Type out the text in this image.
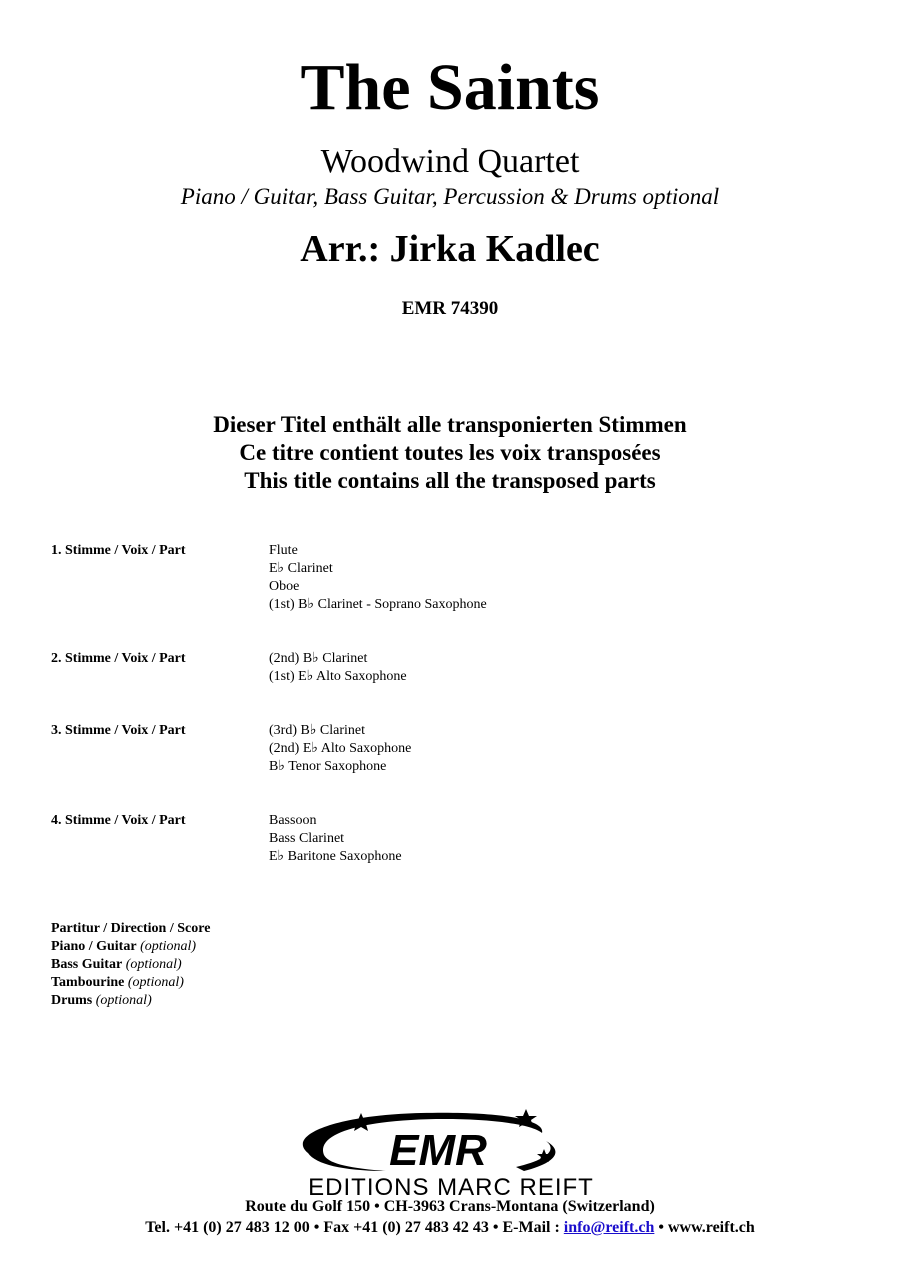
The Saints
Woodwind Quartet
Piano / Guitar, Bass Guitar, Percussion & Drums optional
Arr.: Jirka Kadlec
EMR 74390
Dieser Titel enthält alle transponierten Stimmen
Ce titre contient toutes les voix transposées
This title contains all the transposed parts
1. Stimme / Voix / Part	Flute
E♭ Clarinet
Oboe
(1st) B♭ Clarinet - Soprano Saxophone
2. Stimme / Voix / Part	(2nd) B♭ Clarinet
(1st) E♭ Alto Saxophone
3. Stimme / Voix / Part	(3rd) B♭ Clarinet
(2nd) E♭ Alto Saxophone
B♭ Tenor Saxophone
4. Stimme / Voix / Part	Bassoon
Bass Clarinet
E♭ Baritone Saxophone
Partitur / Direction / Score
Piano / Guitar (optional)
Bass Guitar (optional)
Tambourine (optional)
Drums (optional)
EMR
EDITIONS MARC REIFT
Route du Golf 150 • CH-3963 Crans-Montana (Switzerland)
Tel. +41 (0) 27 483 12 00 • Fax +41 (0) 27 483 42 43 • E-Mail : info@reift.ch • www.reift.ch
